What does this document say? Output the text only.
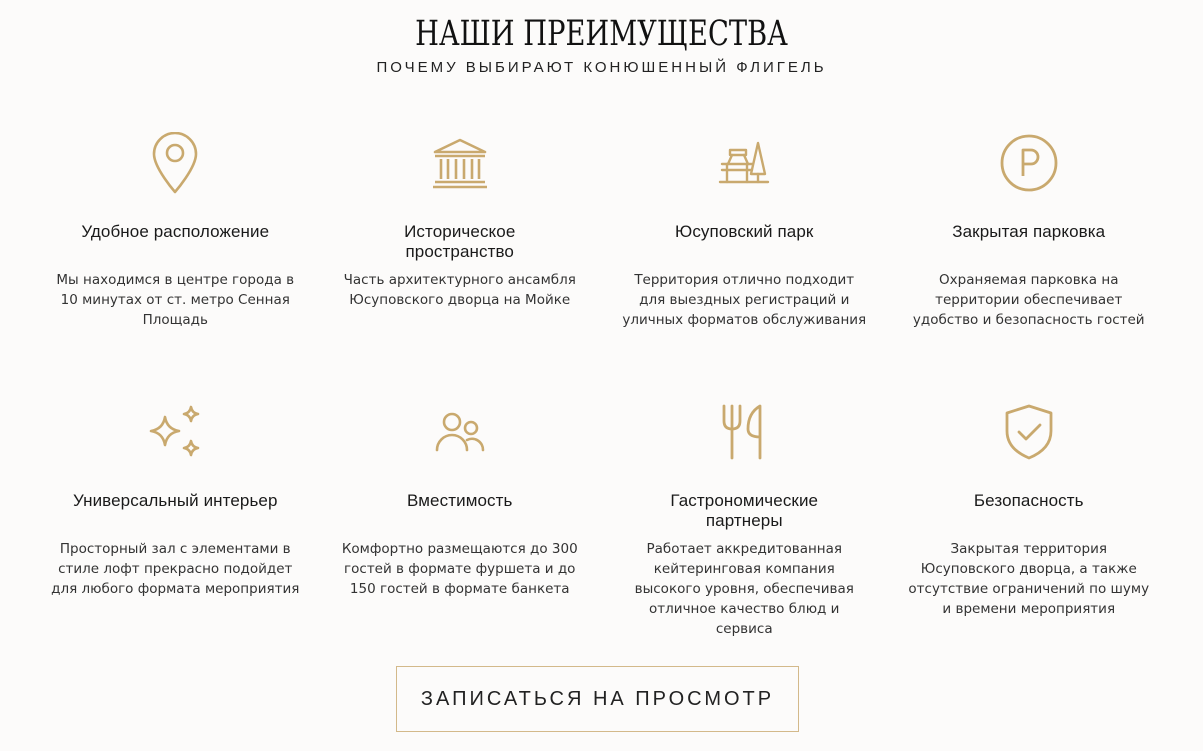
НАШИ ПРЕИМУЩЕСТВА
ПОЧЕМУ ВЫБИРАЮТ КОНЮШЕННЫЙ ФЛИГЕЛЬ
Удобное расположение
Мы находимся в центре города в 10 минутах от ст. метро Сенная Площадь
Историческое пространство
Часть архитектурного ансамбля Юсуповского дворца на Мойке
Юсуповский парк
Территория отлично подходит для выездных регистраций и уличных форматов обслуживания
Закрытая парковка
Охраняемая парковка на территории обеспечивает удобство и безопасность гостей
Универсальный интерьер
Просторный зал с элементами в стиле лофт прекрасно подойдет для любого формата мероприятия
Вместимость
Комфортно размещаются до 300 гостей в формате фуршета и до 150 гостей в формате банкета
Гастрономические партнеры
Работает аккредитованная кейтеринговая компания высокого уровня, обеспечивая отличное качество блюд и сервиса
Безопасность
Закрытая территория Юсуповского дворца, а также отсутствие ограничений по шуму и времени мероприятия
ЗАПИСАТЬСЯ НА ПРОСМОТР
